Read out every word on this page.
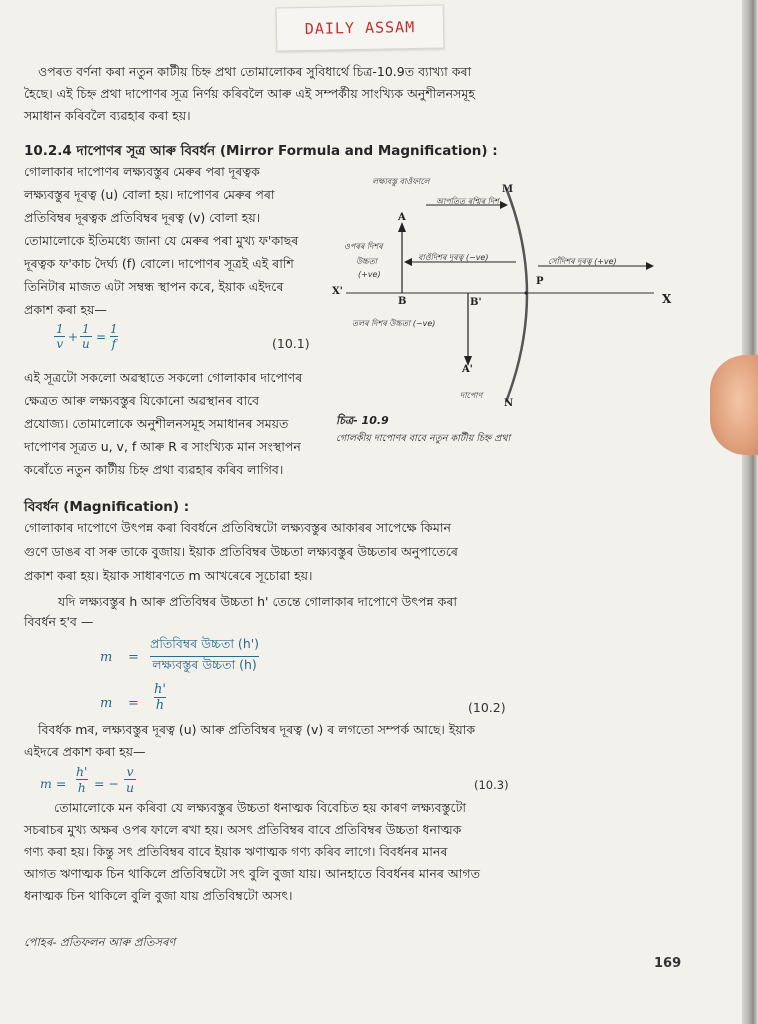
DAILY ASSAM
ওপৰত বৰ্ণনা কৰা নতুন কাৰ্টীয় চিহ্ন প্ৰথা তোমালোকৰ সুবিধাৰ্থে চিত্ৰ-10.9ত ব্যাখ্যা কৰা
হৈছে। এই চিহ্ন প্ৰথা দাপোণৰ সূত্ৰ নিৰ্ণয় কৰিবলৈ আৰু এই সম্পৰ্কীয় সাংখ্যিক অনুশীলনসমূহ
সমাধান কৰিবলৈ ব্যৱহাৰ কৰা হয়।
10.2.4 দাপোণৰ সূত্ৰ আৰু বিবৰ্ধন (Mirror Formula and Magnification) :
গোলাকাৰ দাপোণৰ লক্ষ্যবস্তুৰ মেৰুৰ পৰা দূৰত্বক
লক্ষ্যবস্তুৰ দূৰত্ব (u) বোলা হয়। দাপোণৰ মেৰুৰ পৰা
প্ৰতিবিম্বৰ দূৰত্বক প্ৰতিবিম্বৰ দূৰত্ব (v) বোলা হয়।
তোমালোকে ইতিমধ্যে জানা যে মেৰুৰ পৰা মুখ্য ফ'কাছৰ
দূৰত্বক ফ'কাচ দৈৰ্ঘ্য (f) বোলে। দাপোণৰ সূত্ৰই এই ৰাশি
তিনিটাৰ মাজত এটা সম্বন্ধ স্থাপন কৰে, ইয়াক এইদৰে
প্ৰকাশ কৰা হয়—
$\frac{1}{v} + \frac{1}{u} = \frac{1}{f}$	(10.1)
এই সূত্ৰটো সকলো অৱস্থাতে সকলো গোলাকাৰ দাপোণৰ
ক্ষেত্ৰত আৰু লক্ষ্যবস্তুৰ যিকোনো অৱস্থানৰ বাবে
প্ৰযোজ্য। তোমালোকে অনুশীলনসমূহ সমাধানৰ সময়ত
দাপোণৰ সূত্ৰত u, v, f আৰু R ৰ সাংখ্যিক মান সংস্থাপন
কৰোঁতে নতুন কাৰ্টীয় চিহ্ন প্ৰথা ব্যৱহাৰ কৰিব লাগিব।
লক্ষ্যবস্তু বাওঁফালে
আপতিত ৰশ্মিৰ দিশ
ওপৰৰ দিশৰ
উচ্চতা
(+ve)
বাওঁদিশৰ দূৰত্ব (−ve)	সোঁদিশৰ দূৰত্ব (+ve)
তলৰ দিশৰ উচ্চতা (−ve)
দাপোণ
A
B	B'
A'
M
N
P
X
X'
চিত্ৰ- 10.9
গোলকীয় দাপোণৰ বাবে নতুন কাৰ্টীয় চিহ্ন প্ৰথা
বিবৰ্ধন (Magnification) :
গোলাকাৰ দাপোণে উৎপন্ন কৰা বিবৰ্ধনে প্ৰতিবিম্বটো লক্ষ্যবস্তুৰ আকাৰৰ সাপেক্ষে কিমান
গুণে ডাঙৰ বা সৰু তাকে বুজায়। ইয়াক প্ৰতিবিম্বৰ উচ্চতা লক্ষ্যবস্তুৰ উচ্চতাৰ অনুপাতেৰে
প্ৰকাশ কৰা হয়। ইয়াক সাধাৰণতে m আখৰেৰে সূচোৱা হয়।
যদি লক্ষ্যবস্তুৰ h আৰু প্ৰতিবিম্বৰ উচ্চতা h' তেন্তে গোলাকাৰ দাপোণে উৎপন্ন কৰা
বিবৰ্ধন হ'ব —
m =
প্ৰতিবিম্বৰ উচ্চতা (h')
লক্ষ্যবস্তুৰ উচ্চতা (h)
$m = \frac{h'}{h}$	(10.2)
বিবৰ্ধক mৰ, লক্ষ্যবস্তুৰ দূৰত্ব (u) আৰু প্ৰতিবিম্বৰ দূৰত্ব (v) ৰ লগতো সম্পৰ্ক আছে। ইয়াক
এইদৰে প্ৰকাশ কৰা হয়—
$m = \frac{h'}{h}$ = − $\frac{v}{u}$	(10.3)
তোমালোকে মন কৰিবা যে লক্ষ্যবস্তুৰ উচ্চতা ধনাত্মক বিবেচিত হয় কাৰণ লক্ষ্যবস্তুটো
সচৰাচৰ মুখ্য অক্ষৰ ওপৰ ফালে ৰখা হয়। অসৎ প্ৰতিবিম্বৰ বাবে প্ৰতিবিম্বৰ উচ্চতা ধনাত্মক
গণ্য কৰা হয়। কিন্তু সৎ প্ৰতিবিম্বৰ বাবে ইয়াক ঋণাত্মক গণ্য কৰিব লাগে। বিবৰ্ধনৰ মানৰ
আগত ঋণাত্মক চিন থাকিলে প্ৰতিবিম্বটো সৎ বুলি বুজা যায়। আনহাতে বিবৰ্ধনৰ মানৰ আগত
ধনাত্মক চিন থাকিলে বুলি বুজা যায় প্ৰতিবিম্বটো অসৎ।
পোহৰ- প্ৰতিফলন আৰু প্ৰতিসৰণ
169
